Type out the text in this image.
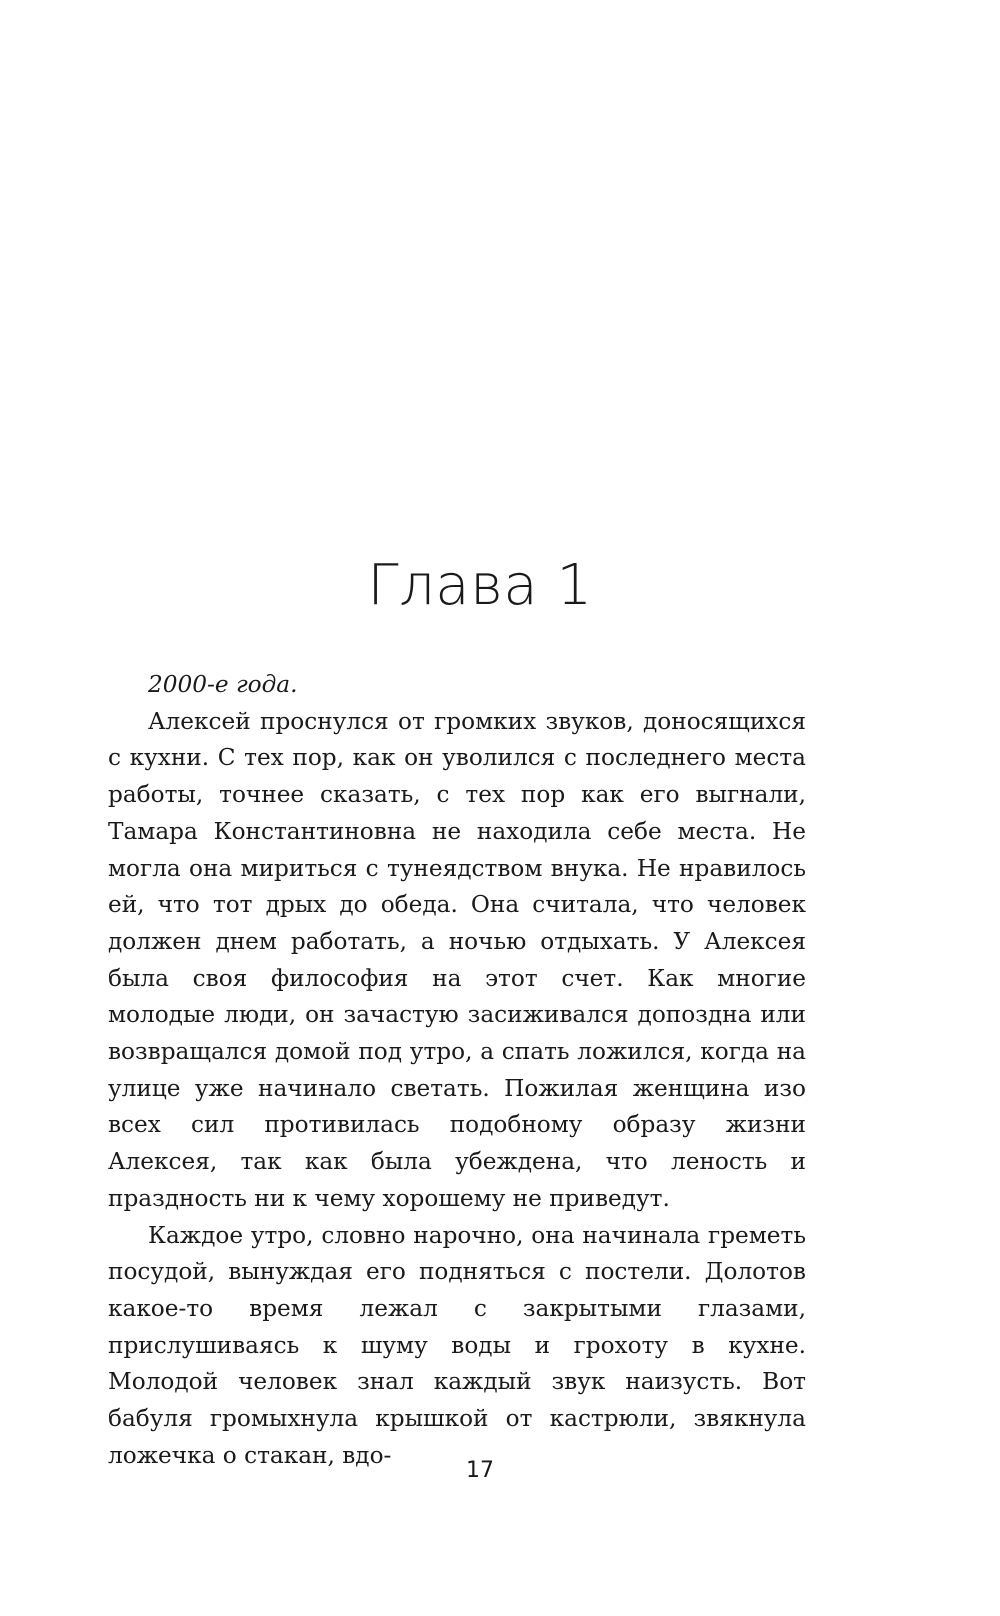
Глава 1

2000-е года.

Алексей проснулся от громких звуков, доносящихся с кухни. С тех пор, как он уволился с последнего места работы, точнее сказать, с тех пор как его выгнали, Тамара Константиновна не находила себе места. Не могла она мириться с тунеядством внука. Не нравилось ей, что тот дрых до обеда. Она считала, что человек должен днем работать, а ночью отдыхать. У Алексея была своя философия на этот счет. Как многие молодые люди, он зачастую засиживался допоздна или возвращался домой под утро, а спать ложился, когда на улице уже начинало светать. Пожилая женщина изо всех сил противилась подобному образу жизни Алексея, так как была убеждена, что леность и праздность ни к чему хорошему не приведут.

Каждое утро, словно нарочно, она начинала греметь посудой, вынуждая его подняться с постели. Долотов какое-то время лежал с закрытыми глазами, прислушиваясь к шуму воды и грохоту в кухне. Молодой человек знал каждый звук наизусть. Вот бабуля громыхнула крышкой от кастрюли, звякнула ложечка о стакан, вдо-

17
